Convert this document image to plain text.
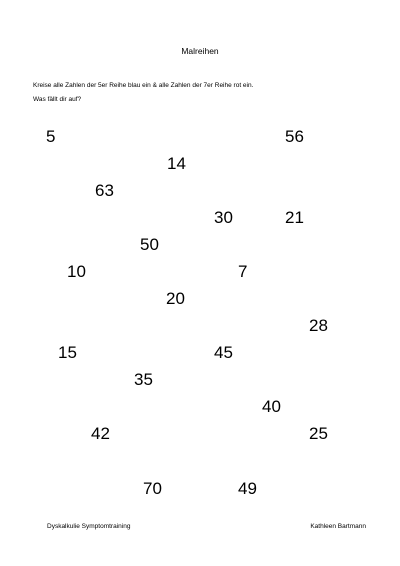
Malreihen
Kreise alle Zahlen der 5er Reihe blau ein & alle Zahlen der 7er Reihe rot ein.
Was fällt dir auf?
5	56
14
63
30	21
50
10	7
20
28
15	45
35
40
42	25
70	49
Dyskalkulie Symptomtraining	Kathleen Bartmann
